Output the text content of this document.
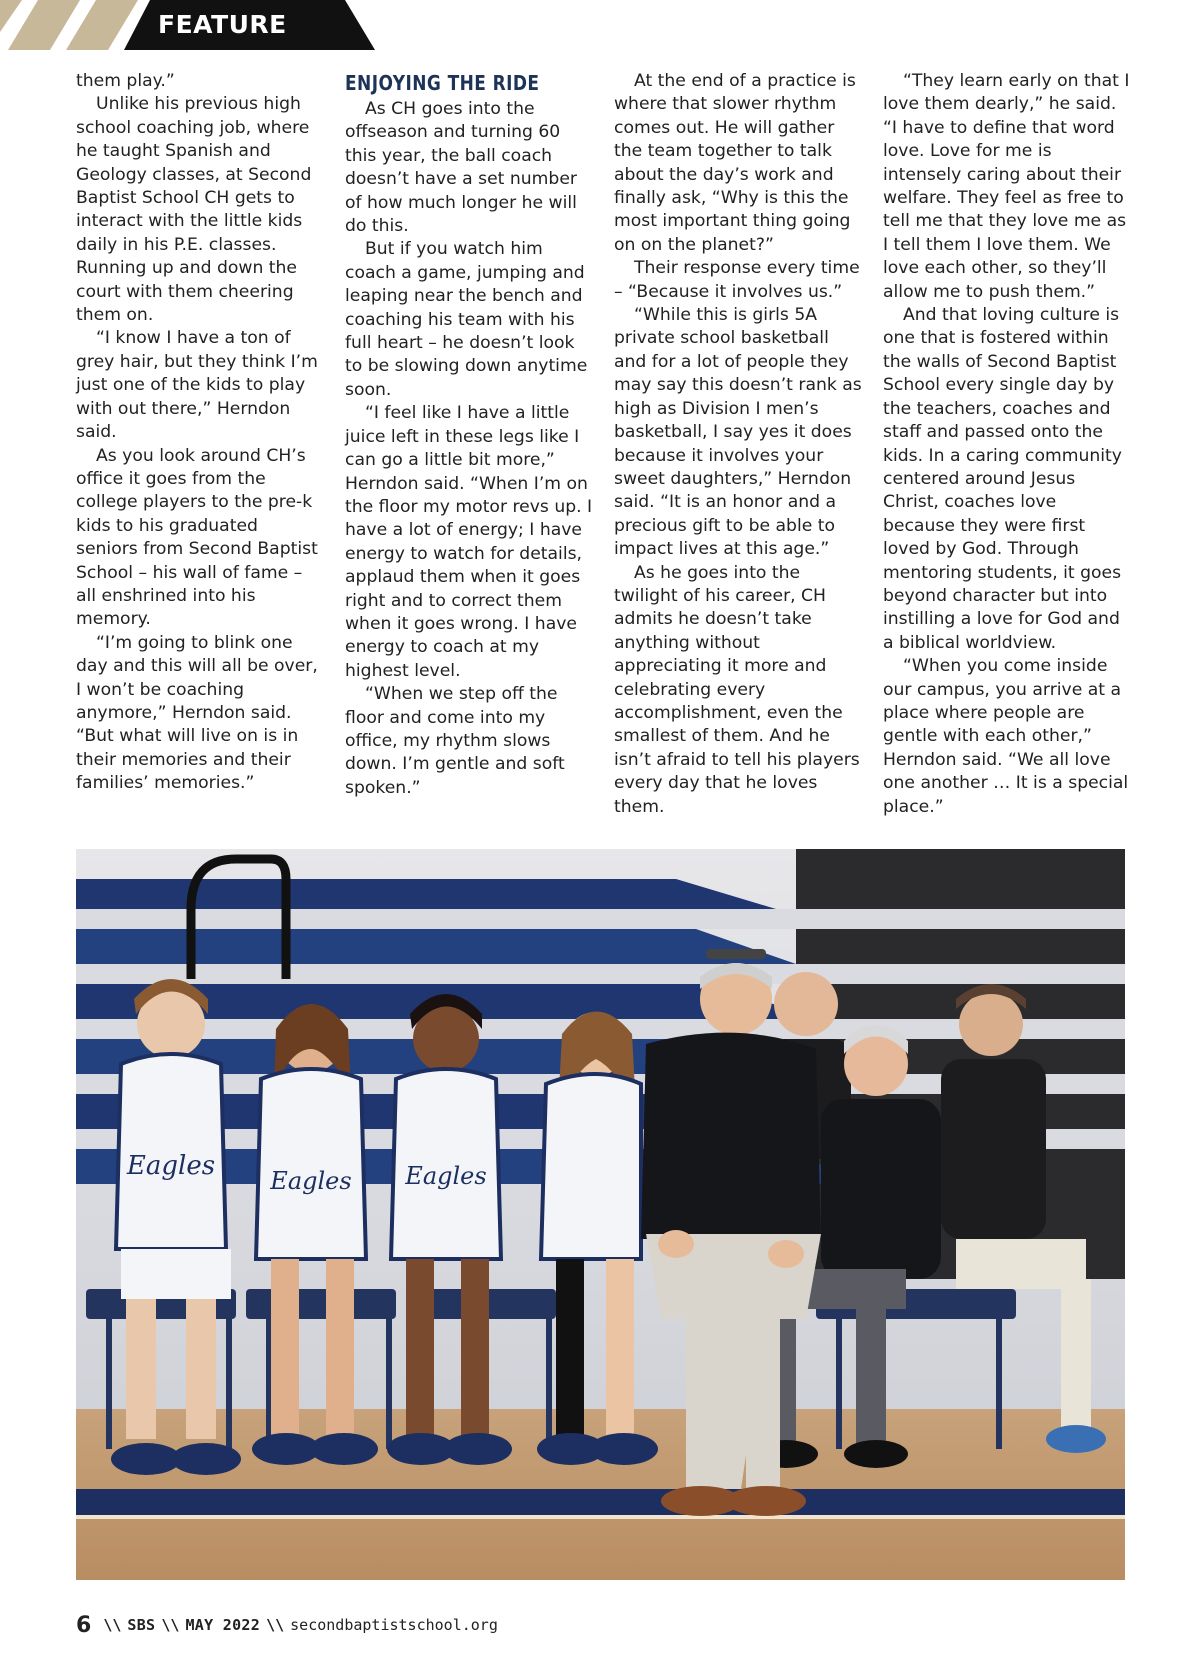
FEATURE

them play.”

Unlike his previous high school coaching job, where he taught Spanish and Geology classes, at Second Baptist School CH gets to interact with the little kids daily in his P.E. classes. Running up and down the court with them cheering them on.

“I know I have a ton of grey hair, but they think I’m just one of the kids to play with out there,” Herndon said.

As you look around CH’s office it goes from the college players to the pre-k kids to his graduated seniors from Second Baptist School – his wall of fame – all enshrined into his memory.

“I’m going to blink one day and this will all be over, I won’t be coaching anymore,” Herndon said. “But what will live on is in their memories and their families’ memories.”

ENJOYING THE RIDE

As CH goes into the offseason and turning 60 this year, the ball coach doesn’t have a set number of how much longer he will do this.

But if you watch him coach a game, jumping and leaping near the bench and coaching his team with his full heart – he doesn’t look to be slowing down anytime soon.

“I feel like I have a little juice left in these legs like I can go a little bit more,” Herndon said. “When I’m on the floor my motor revs up. I have a lot of energy; I have energy to watch for details, applaud them when it goes right and to correct them when it goes wrong. I have energy to coach at my highest level.

“When we step off the floor and come into my office, my rhythm slows down. I’m gentle and soft spoken.”

At the end of a practice is where that slower rhythm comes out. He will gather the team together to talk about the day’s work and finally ask, “Why is this the most important thing going on on the planet?”

Their response every time – “Because it involves us.”

“While this is girls 5A private school basketball and for a lot of people they may say this doesn’t rank as high as Division I men’s basketball, I say yes it does because it involves your sweet daughters,” Herndon said. “It is an honor and a precious gift to be able to impact lives at this age.”

As he goes into the twilight of his career, CH admits he doesn’t take anything without appreciating it more and celebrating every accomplishment, even the smallest of them. And he isn’t afraid to tell his players every day that he loves them.

“They learn early on that I love them dearly,” he said. “I have to define that word love. Love for me is intensely caring about their welfare. They feel as free to tell me that they love me as I tell them I love them. We love each other, so they’ll allow me to push them.”

And that loving culture is one that is fostered within the walls of Second Baptist School every single day by the teachers, coaches and staff and passed onto the kids. In a caring community centered around Jesus Christ, coaches love because they were first loved by God. Through mentoring students, it goes beyond character but into instilling a love for God and a biblical worldview.

“When you come inside our campus, you arrive at a place where people are gentle with each other,” Herndon said. “We all love one another … It is a special place.”

Eagles Eagles Eagles
6 \\ SBS \\ MAY 2022 \\ secondbaptistschool.org
